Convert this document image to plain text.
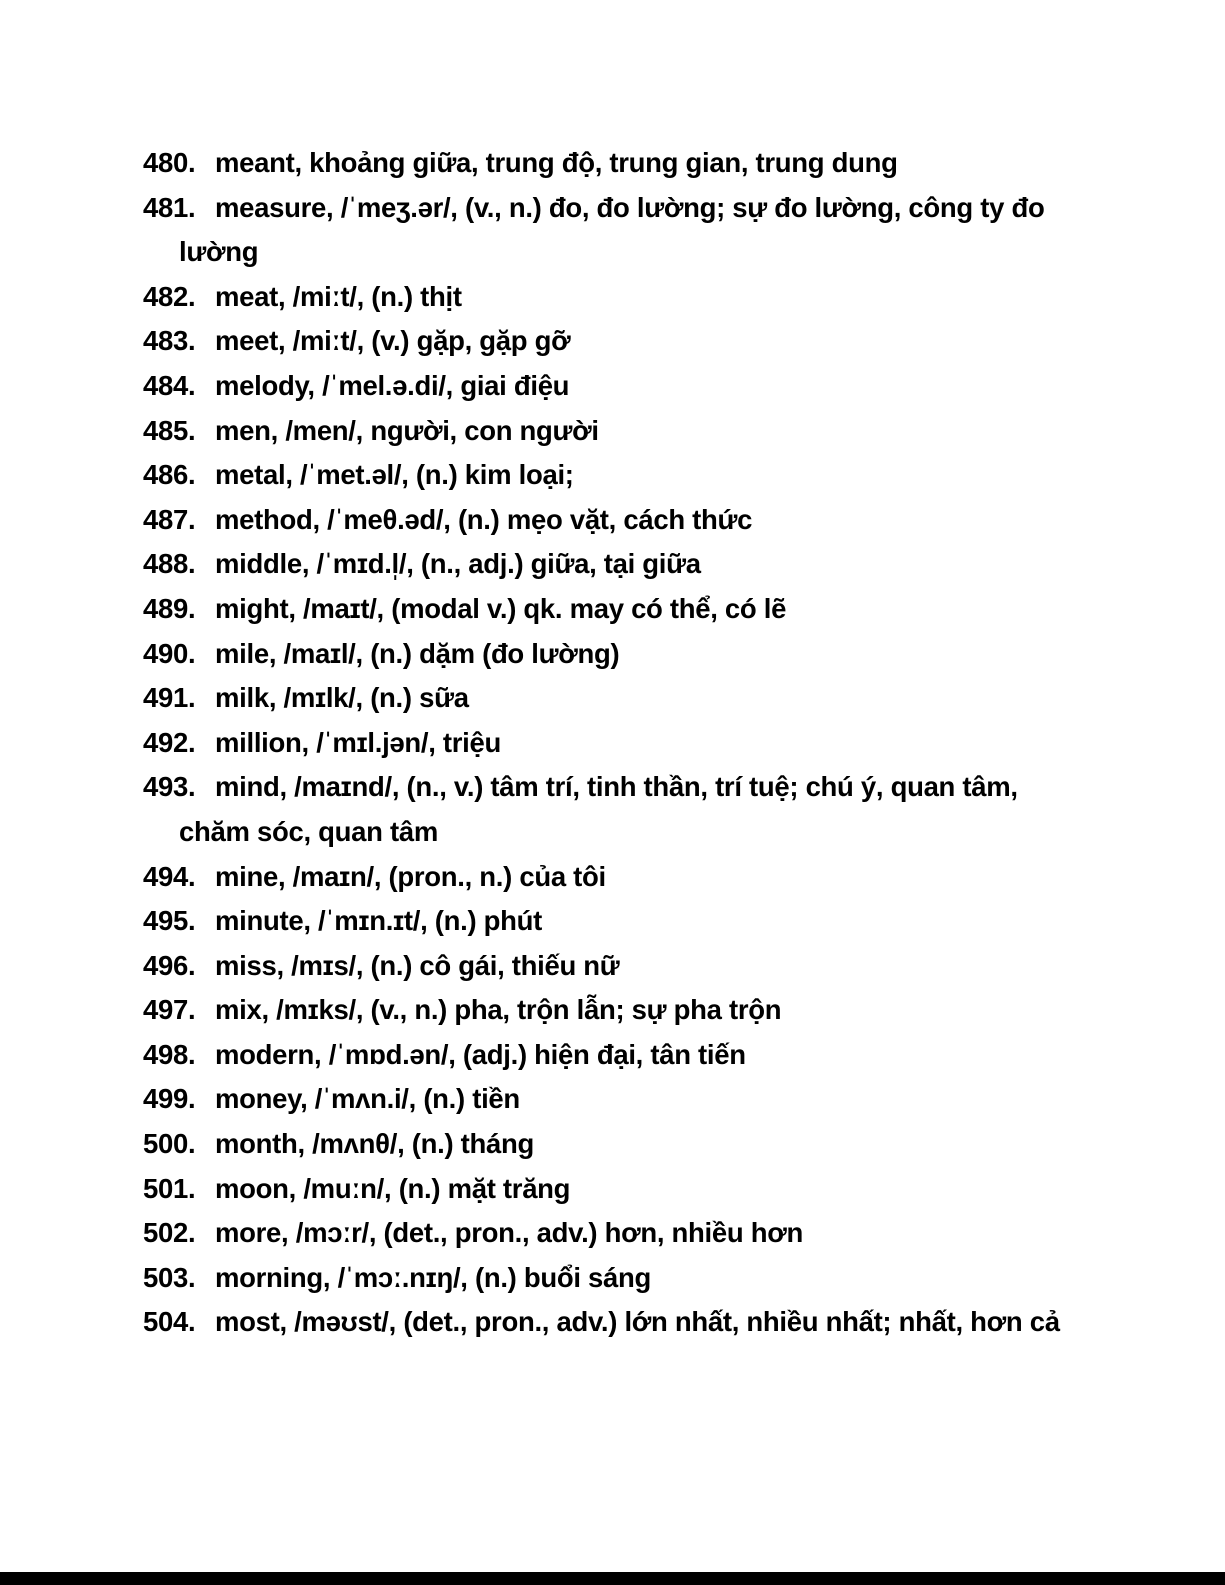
480. meant, khoảng giữa, trung độ, trung gian, trung dung
481. measure, /ˈmeʒ.ər/, (v., n.) đo, đo lường; sự đo lường, công ty đo lường
482. meat, /miːt/, (n.) thịt
483. meet, /miːt/, (v.) gặp, gặp gỡ
484. melody, /ˈmel.ə.di/, giai điệu
485. men, /men/, người, con người
486. metal, /ˈmet.əl/, (n.) kim loại;
487. method, /ˈmeθ.əd/, (n.) mẹo vặt, cách thức
488. middle, /ˈmɪd.l̩/, (n., adj.) giữa, tại giữa
489. might, /maɪt/, (modal v.) qk. may có thể, có lẽ
490. mile, /maɪl/, (n.) dặm (đo lường)
491. milk, /mɪlk/, (n.) sữa
492. million, /ˈmɪl.jən/, triệu
493. mind, /maɪnd/, (n., v.) tâm trí, tinh thần, trí tuệ; chú ý, quan tâm, chăm sóc, quan tâm
494. mine, /maɪn/, (pron., n.) của tôi
495. minute, /ˈmɪn.ɪt/, (n.) phút
496. miss, /mɪs/, (n.) cô gái, thiếu nữ
497. mix, /mɪks/, (v., n.) pha, trộn lẫn; sự pha trộn
498. modern, /ˈmɒd.ən/, (adj.) hiện đại, tân tiến
499. money, /ˈmʌn.i/, (n.) tiền
500. month, /mʌnθ/, (n.) tháng
501. moon, /muːn/, (n.) mặt trăng
502. more, /mɔːr/, (det., pron., adv.) hơn, nhiều hơn
503. morning, /ˈmɔː.nɪŋ/, (n.) buổi sáng
504. most, /məʊst/, (det., pron., adv.) lớn nhất, nhiều nhất; nhất, hơn cả
